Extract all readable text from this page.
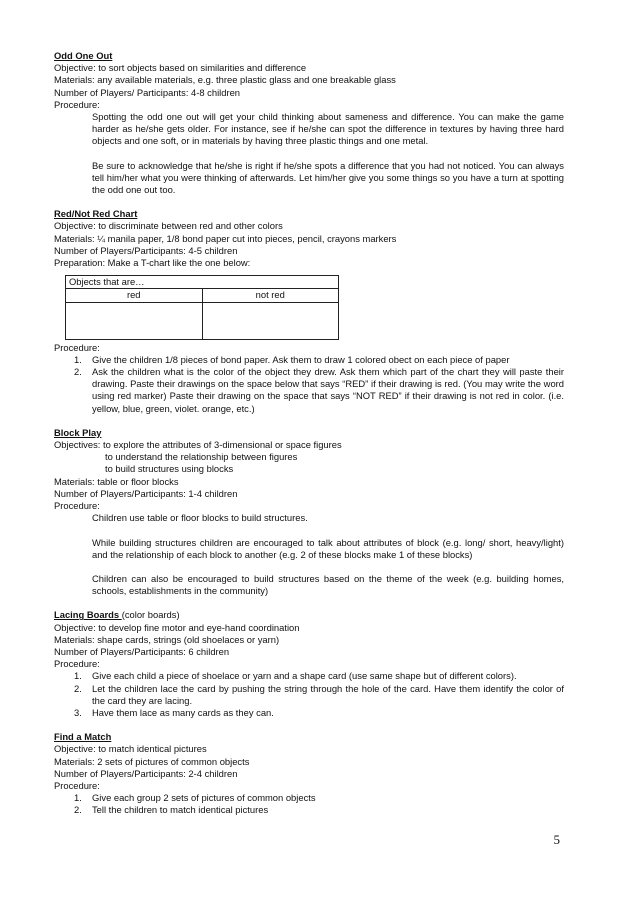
Odd One Out

Objective: to sort objects based on similarities and difference

Materials: any available materials, e.g. three plastic glass and one breakable glass

Number of Players/ Participants: 4-8 children

Procedure:

Spotting the odd one out will get your child thinking about sameness and difference. You can make the game harder as he/she gets older. For instance, see if he/she can spot the difference in textures by having three hard objects and one soft, or in materials by having three plastic things and one metal.

Be sure to acknowledge that he/she is right if he/she spots a difference that you had not noticed. You can always tell him/her what you were thinking of afterwards. Let him/her give you some things so you have a turn at spotting the odd one out too.

Red/Not Red Chart

Objective: to discriminate between red and other colors

Materials: ¼ manila paper, 1/8 bond paper cut into pieces, pencil, crayons markers

Number of Players/Participants: 4-5 children

Preparation: Make a T-chart like the one below:

Objects that are…	
red	not red

Procedure:

1. Give the children 1/8 pieces of bond paper. Ask them to draw 1 colored obect on each piece of paper
2. Ask the children what is the color of the object they drew. Ask them which part of the chart they will paste their drawing. Paste their drawings on the space below that says “RED” if their drawing is red. (You may write the word using red marker) Paste their drawing on the space that says “NOT RED” if their drawing is not red in color. (i.e. yellow, blue, green, violet. orange, etc.)

Block Play

Objectives: to explore the attributes of 3-dimensional or space figures

to understand the relationship between figures

to build structures using blocks

Materials: table or floor blocks

Number of Players/Participants: 1-4 children

Procedure:

Children use table or floor blocks to build structures.

While building structures children are encouraged to talk about attributes of block (e.g. long/ short, heavy/light) and the relationship of each block to another (e.g. 2 of these blocks make 1 of these blocks)

Children can also be encouraged to build structures based on the theme of the week (e.g. building homes, schools, establishments in the community)

Lacing Boards (color boards)

Objective: to develop fine motor and eye-hand coordination

Materials: shape cards, strings (old shoelaces or yarn)

Number of Players/Participants: 6 children

Procedure:

1. Give each child a piece of shoelace or yarn and a shape card (use same shape but of different colors).
2. Let the children lace the card by pushing the string through the hole of the card. Have them identify the color of the card they are lacing.
3. Have them lace as many cards as they can.

Find a Match

Objective: to match identical pictures

Materials: 2 sets of pictures of common objects

Number of Players/Participants: 2-4 children

Procedure:

1. Give each group 2 sets of pictures of common objects
2. Tell the children to match identical pictures
5
